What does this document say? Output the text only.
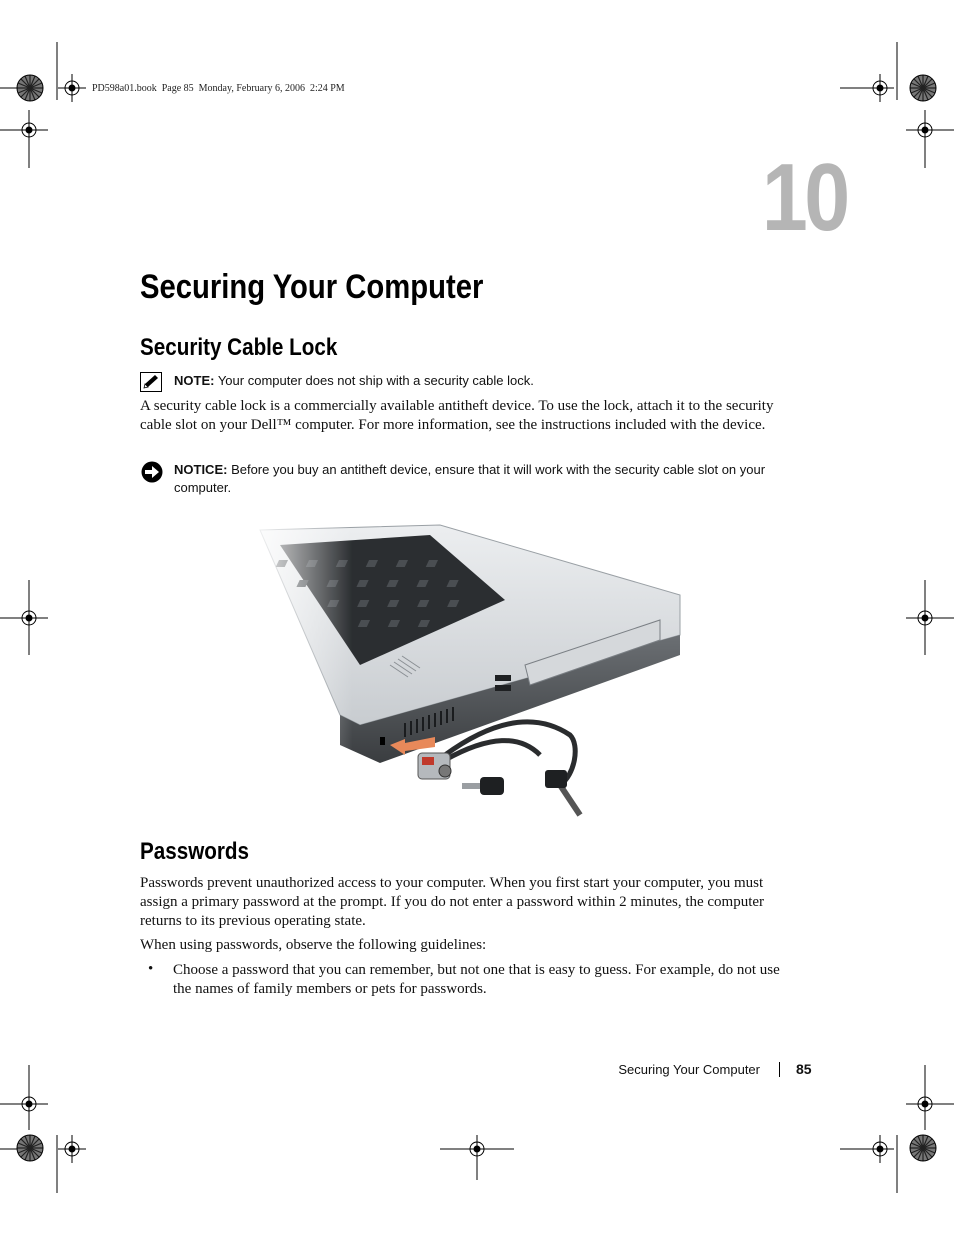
PD598a01.book  Page 85  Monday, February 6, 2006  2:24 PM
10
Securing Your Computer
Security Cable Lock
NOTE: Your computer does not ship with a security cable lock.

A security cable lock is a commercially available antitheft device. To use the lock, attach it to the security cable slot on your Dell™ computer. For more information, see the instructions included with the device.

NOTICE: Before you buy an antitheft device, ensure that it will work with the security cable slot on your computer.
Passwords

Passwords prevent unauthorized access to your computer. When you first start your computer, you must assign a primary password at the prompt. If you do not enter a password within 2 minutes, the computer returns to its previous operating state.

When using passwords, observe the following guidelines:

• Choose a password that you can remember, but not one that is easy to guess. For example, do not use the names of family members or pets for passwords.

Securing Your Computer	85
